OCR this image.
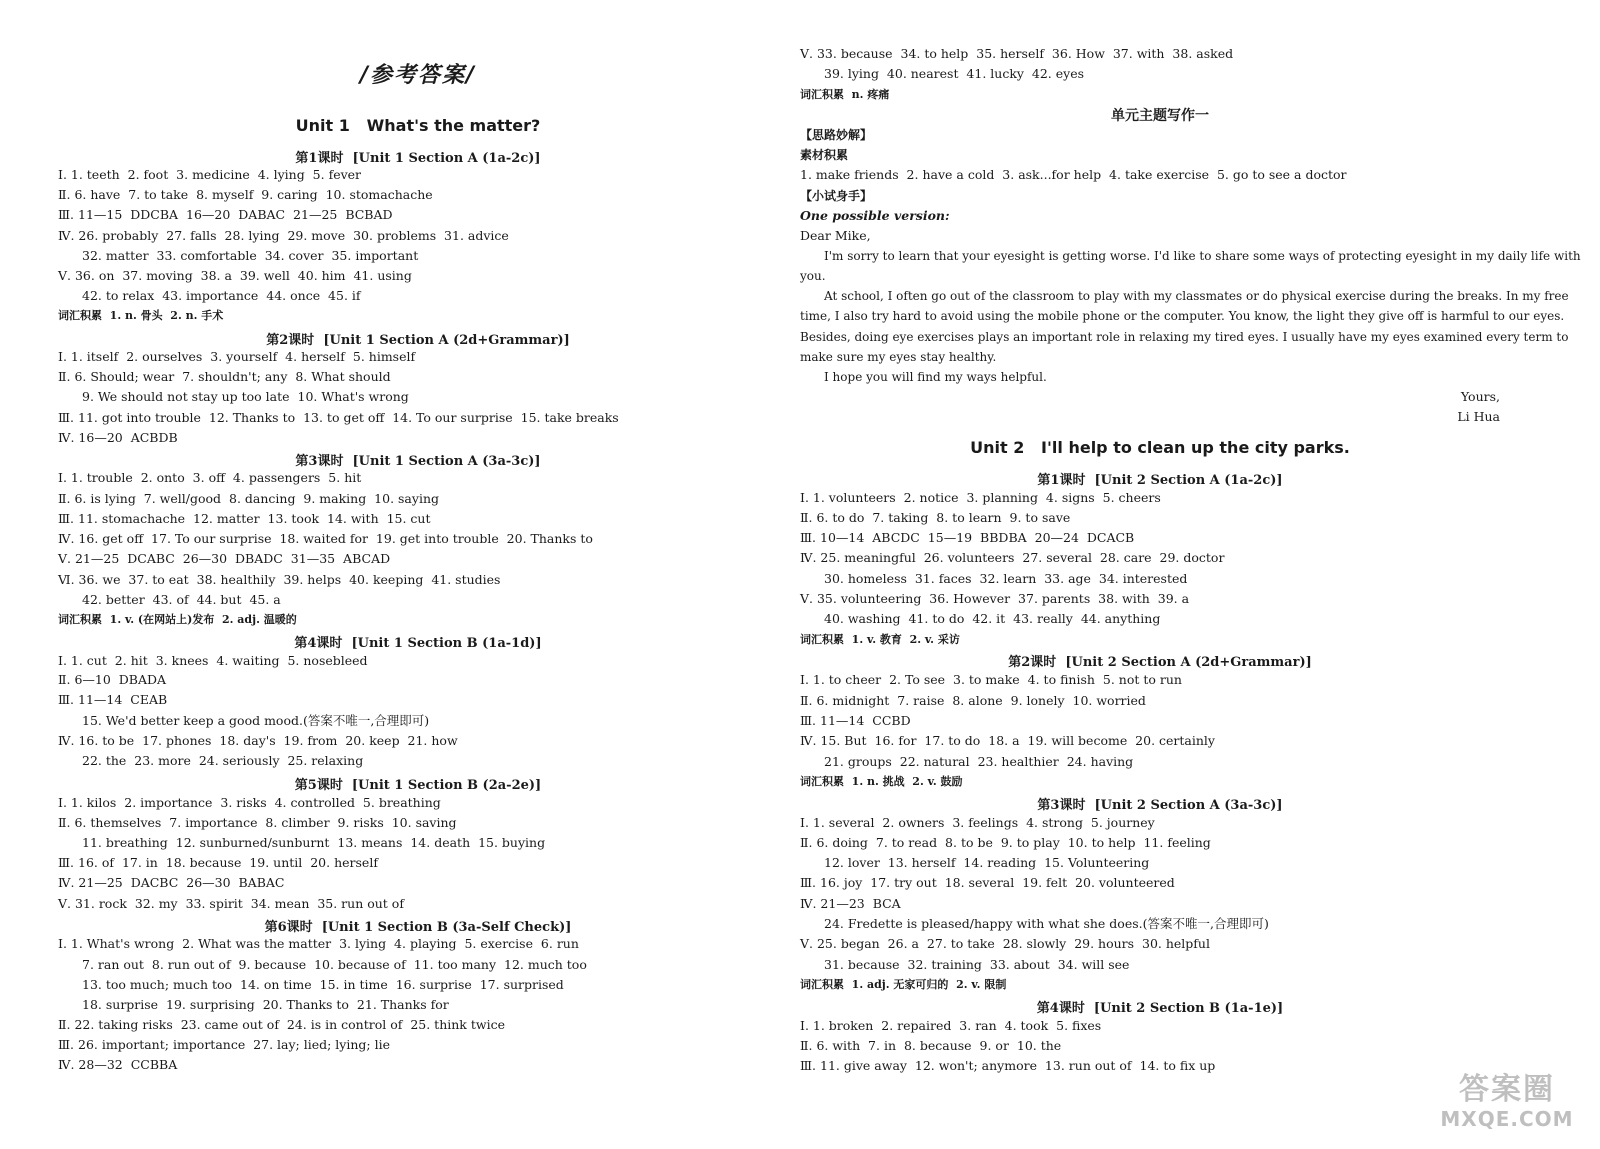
/参考答案/
Unit 1   What's the matter?
第1课时  [Unit 1 Section A (1a-2c)]
Ⅰ. 1. teeth  2. foot  3. medicine  4. lying  5. fever
Ⅱ. 6. have  7. to take  8. myself  9. caring  10. stomachache
Ⅲ. 11—15  DDCBA  16—20  DABAC  21—25  BCBAD
Ⅳ. 26. probably  27. falls  28. lying  29. move  30. problems  31. advice
32. matter  33. comfortable  34. cover  35. important
Ⅴ. 36. on  37. moving  38. a  39. well  40. him  41. using
42. to relax  43. importance  44. once  45. if
词汇积累  1. n. 骨头  2. n. 手术
第2课时  [Unit 1 Section A (2d+Grammar)]
Ⅰ. 1. itself  2. ourselves  3. yourself  4. herself  5. himself
Ⅱ. 6. Should; wear  7. shouldn't; any  8. What should
9. We should not stay up too late  10. What's wrong
Ⅲ. 11. got into trouble  12. Thanks to  13. to get off  14. To our surprise  15. take breaks
Ⅳ. 16—20  ACBDB
第3课时  [Unit 1 Section A (3a-3c)]
Ⅰ. 1. trouble  2. onto  3. off  4. passengers  5. hit
Ⅱ. 6. is lying  7. well/good  8. dancing  9. making  10. saying
Ⅲ. 11. stomachache  12. matter  13. took  14. with  15. cut
Ⅳ. 16. get off  17. To our surprise  18. waited for  19. get into trouble  20. Thanks to
Ⅴ. 21—25  DCABC  26—30  DBADC  31—35  ABCAD
Ⅵ. 36. we  37. to eat  38. healthily  39. helps  40. keeping  41. studies
42. better  43. of  44. but  45. a
词汇积累  1. v. (在网站上)发布  2. adj. 温暖的
第4课时  [Unit 1 Section B (1a-1d)]
Ⅰ. 1. cut  2. hit  3. knees  4. waiting  5. nosebleed
Ⅱ. 6—10  DBADA
Ⅲ. 11—14  CEAB
15. We'd better keep a good mood.(答案不唯一,合理即可)
Ⅳ. 16. to be  17. phones  18. day's  19. from  20. keep  21. how
22. the  23. more  24. seriously  25. relaxing
第5课时  [Unit 1 Section B (2a-2e)]
Ⅰ. 1. kilos  2. importance  3. risks  4. controlled  5. breathing
Ⅱ. 6. themselves  7. importance  8. climber  9. risks  10. saving
11. breathing  12. sunburned/sunburnt  13. means  14. death  15. buying
Ⅲ. 16. of  17. in  18. because  19. until  20. herself
Ⅳ. 21—25  DACBC  26—30  BABAC
Ⅴ. 31. rock  32. my  33. spirit  34. mean  35. run out of
第6课时  [Unit 1 Section B (3a-Self Check)]
Ⅰ. 1. What's wrong  2. What was the matter  3. lying  4. playing  5. exercise  6. run
7. ran out  8. run out of  9. because  10. because of  11. too many  12. much too
13. too much; much too  14. on time  15. in time  16. surprise  17. surprised
18. surprise  19. surprising  20. Thanks to  21. Thanks for
Ⅱ. 22. taking risks  23. came out of  24. is in control of  25. think twice
Ⅲ. 26. important; importance  27. lay; lied; lying; lie
Ⅳ. 28—32  CCBBA
Ⅴ. 33. because  34. to help  35. herself  36. How  37. with  38. asked
39. lying  40. nearest  41. lucky  42. eyes
词汇积累  n. 疼痛
单元主题写作一
【思路妙解】
素材积累
1. make friends  2. have a cold  3. ask...for help  4. take exercise  5. go to see a doctor
【小试身手】
One possible version:
Dear Mike,
I'm sorry to learn that your eyesight is getting worse. I'd like to share some ways of protecting eyesight in my daily life with
you.
At school, I often go out of the classroom to play with my classmates or do physical exercise during the breaks. In my free
time, I also try hard to avoid using the mobile phone or the computer. You know, the light they give off is harmful to our eyes.
Besides, doing eye exercises plays an important role in relaxing my tired eyes. I usually have my eyes examined every term to
make sure my eyes stay healthy.
I hope you will find my ways helpful.
Yours,
Li Hua
Unit 2   I'll help to clean up the city parks.
第1课时  [Unit 2 Section A (1a-2c)]
Ⅰ. 1. volunteers  2. notice  3. planning  4. signs  5. cheers
Ⅱ. 6. to do  7. taking  8. to learn  9. to save
Ⅲ. 10—14  ABCDC  15—19  BBDBA  20—24  DCACB
Ⅳ. 25. meaningful  26. volunteers  27. several  28. care  29. doctor
30. homeless  31. faces  32. learn  33. age  34. interested
Ⅴ. 35. volunteering  36. However  37. parents  38. with  39. a
40. washing  41. to do  42. it  43. really  44. anything
词汇积累  1. v. 教育  2. v. 采访
第2课时  [Unit 2 Section A (2d+Grammar)]
Ⅰ. 1. to cheer  2. To see  3. to make  4. to finish  5. not to run
Ⅱ. 6. midnight  7. raise  8. alone  9. lonely  10. worried
Ⅲ. 11—14  CCBD
Ⅳ. 15. But  16. for  17. to do  18. a  19. will become  20. certainly
21. groups  22. natural  23. healthier  24. having
词汇积累  1. n. 挑战  2. v. 鼓励
第3课时  [Unit 2 Section A (3a-3c)]
Ⅰ. 1. several  2. owners  3. feelings  4. strong  5. journey
Ⅱ. 6. doing  7. to read  8. to be  9. to play  10. to help  11. feeling
12. lover  13. herself  14. reading  15. Volunteering
Ⅲ. 16. joy  17. try out  18. several  19. felt  20. volunteered
Ⅳ. 21—23  BCA
24. Fredette is pleased/happy with what she does.(答案不唯一,合理即可)
Ⅴ. 25. began  26. a  27. to take  28. slowly  29. hours  30. helpful
31. because  32. training  33. about  34. will see
词汇积累  1. adj. 无家可归的  2. v. 限制
第4课时  [Unit 2 Section B (1a-1e)]
Ⅰ. 1. broken  2. repaired  3. ran  4. took  5. fixes
Ⅱ. 6. with  7. in  8. because  9. or  10. the
Ⅲ. 11. give away  12. won't; anymore  13. run out of  14. to fix up
答案圈
MXQE.COM
